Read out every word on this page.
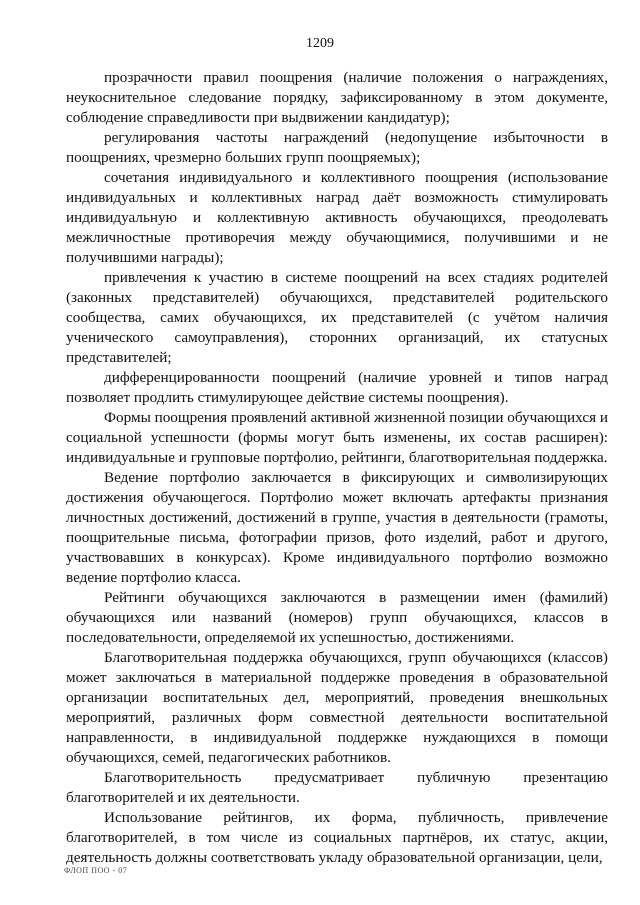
1209

прозрачности правил поощрения (наличие положения о награждениях, неукоснительное следование порядку, зафиксированному в этом документе, соблюдение справедливости при выдвижении кандидатур);

регулирования частоты награждений (недопущение избыточности в поощрениях, чрезмерно больших групп поощряемых);

сочетания индивидуального и коллективного поощрения (использование индивидуальных и коллективных наград даёт возможность стимулировать индивидуальную и коллективную активность обучающихся, преодолевать межличностные противоречия между обучающимися, получившими и не получившими награды);

привлечения к участию в системе поощрений на всех стадиях родителей (законных представителей) обучающихся, представителей родительского сообщества, самих обучающихся, их представителей (с учётом наличия ученического самоуправления), сторонних организаций, их статусных представителей;

дифференцированности поощрений (наличие уровней и типов наград позволяет продлить стимулирующее действие системы поощрения).

Формы поощрения проявлений активной жизненной позиции обучающихся и социальной успешности (формы могут быть изменены, их состав расширен): индивидуальные и групповые портфолио, рейтинги, благотворительная поддержка.

Ведение портфолио заключается в фиксирующих и символизирующих достижения обучающегося. Портфолио может включать артефакты признания личностных достижений, достижений в группе, участия в деятельности (грамоты, поощрительные письма, фотографии призов, фото изделий, работ и другого, участвовавших в конкурсах). Кроме индивидуального портфолио возможно ведение портфолио класса.

Рейтинги обучающихся заключаются в размещении имен (фамилий) обучающихся или названий (номеров) групп обучающихся, классов в последовательности, определяемой их успешностью, достижениями.

Благотворительная поддержка обучающихся, групп обучающихся (классов) может заключаться в материальной поддержке проведения в образовательной организации воспитательных дел, мероприятий, проведения внешкольных мероприятий, различных форм совместной деятельности воспитательной направленности, в индивидуальной поддержке нуждающихся в помощи обучающихся, семей, педагогических работников.

Благотворительность предусматривает публичную презентацию благотворителей и их деятельности.

Использование рейтингов, их форма, публичность, привлечение благотворителей, в том числе из социальных партнёров, их статус, акции, деятельность должны соответствовать укладу образовательной организации, цели,

ФЛОП ПОО - 07
